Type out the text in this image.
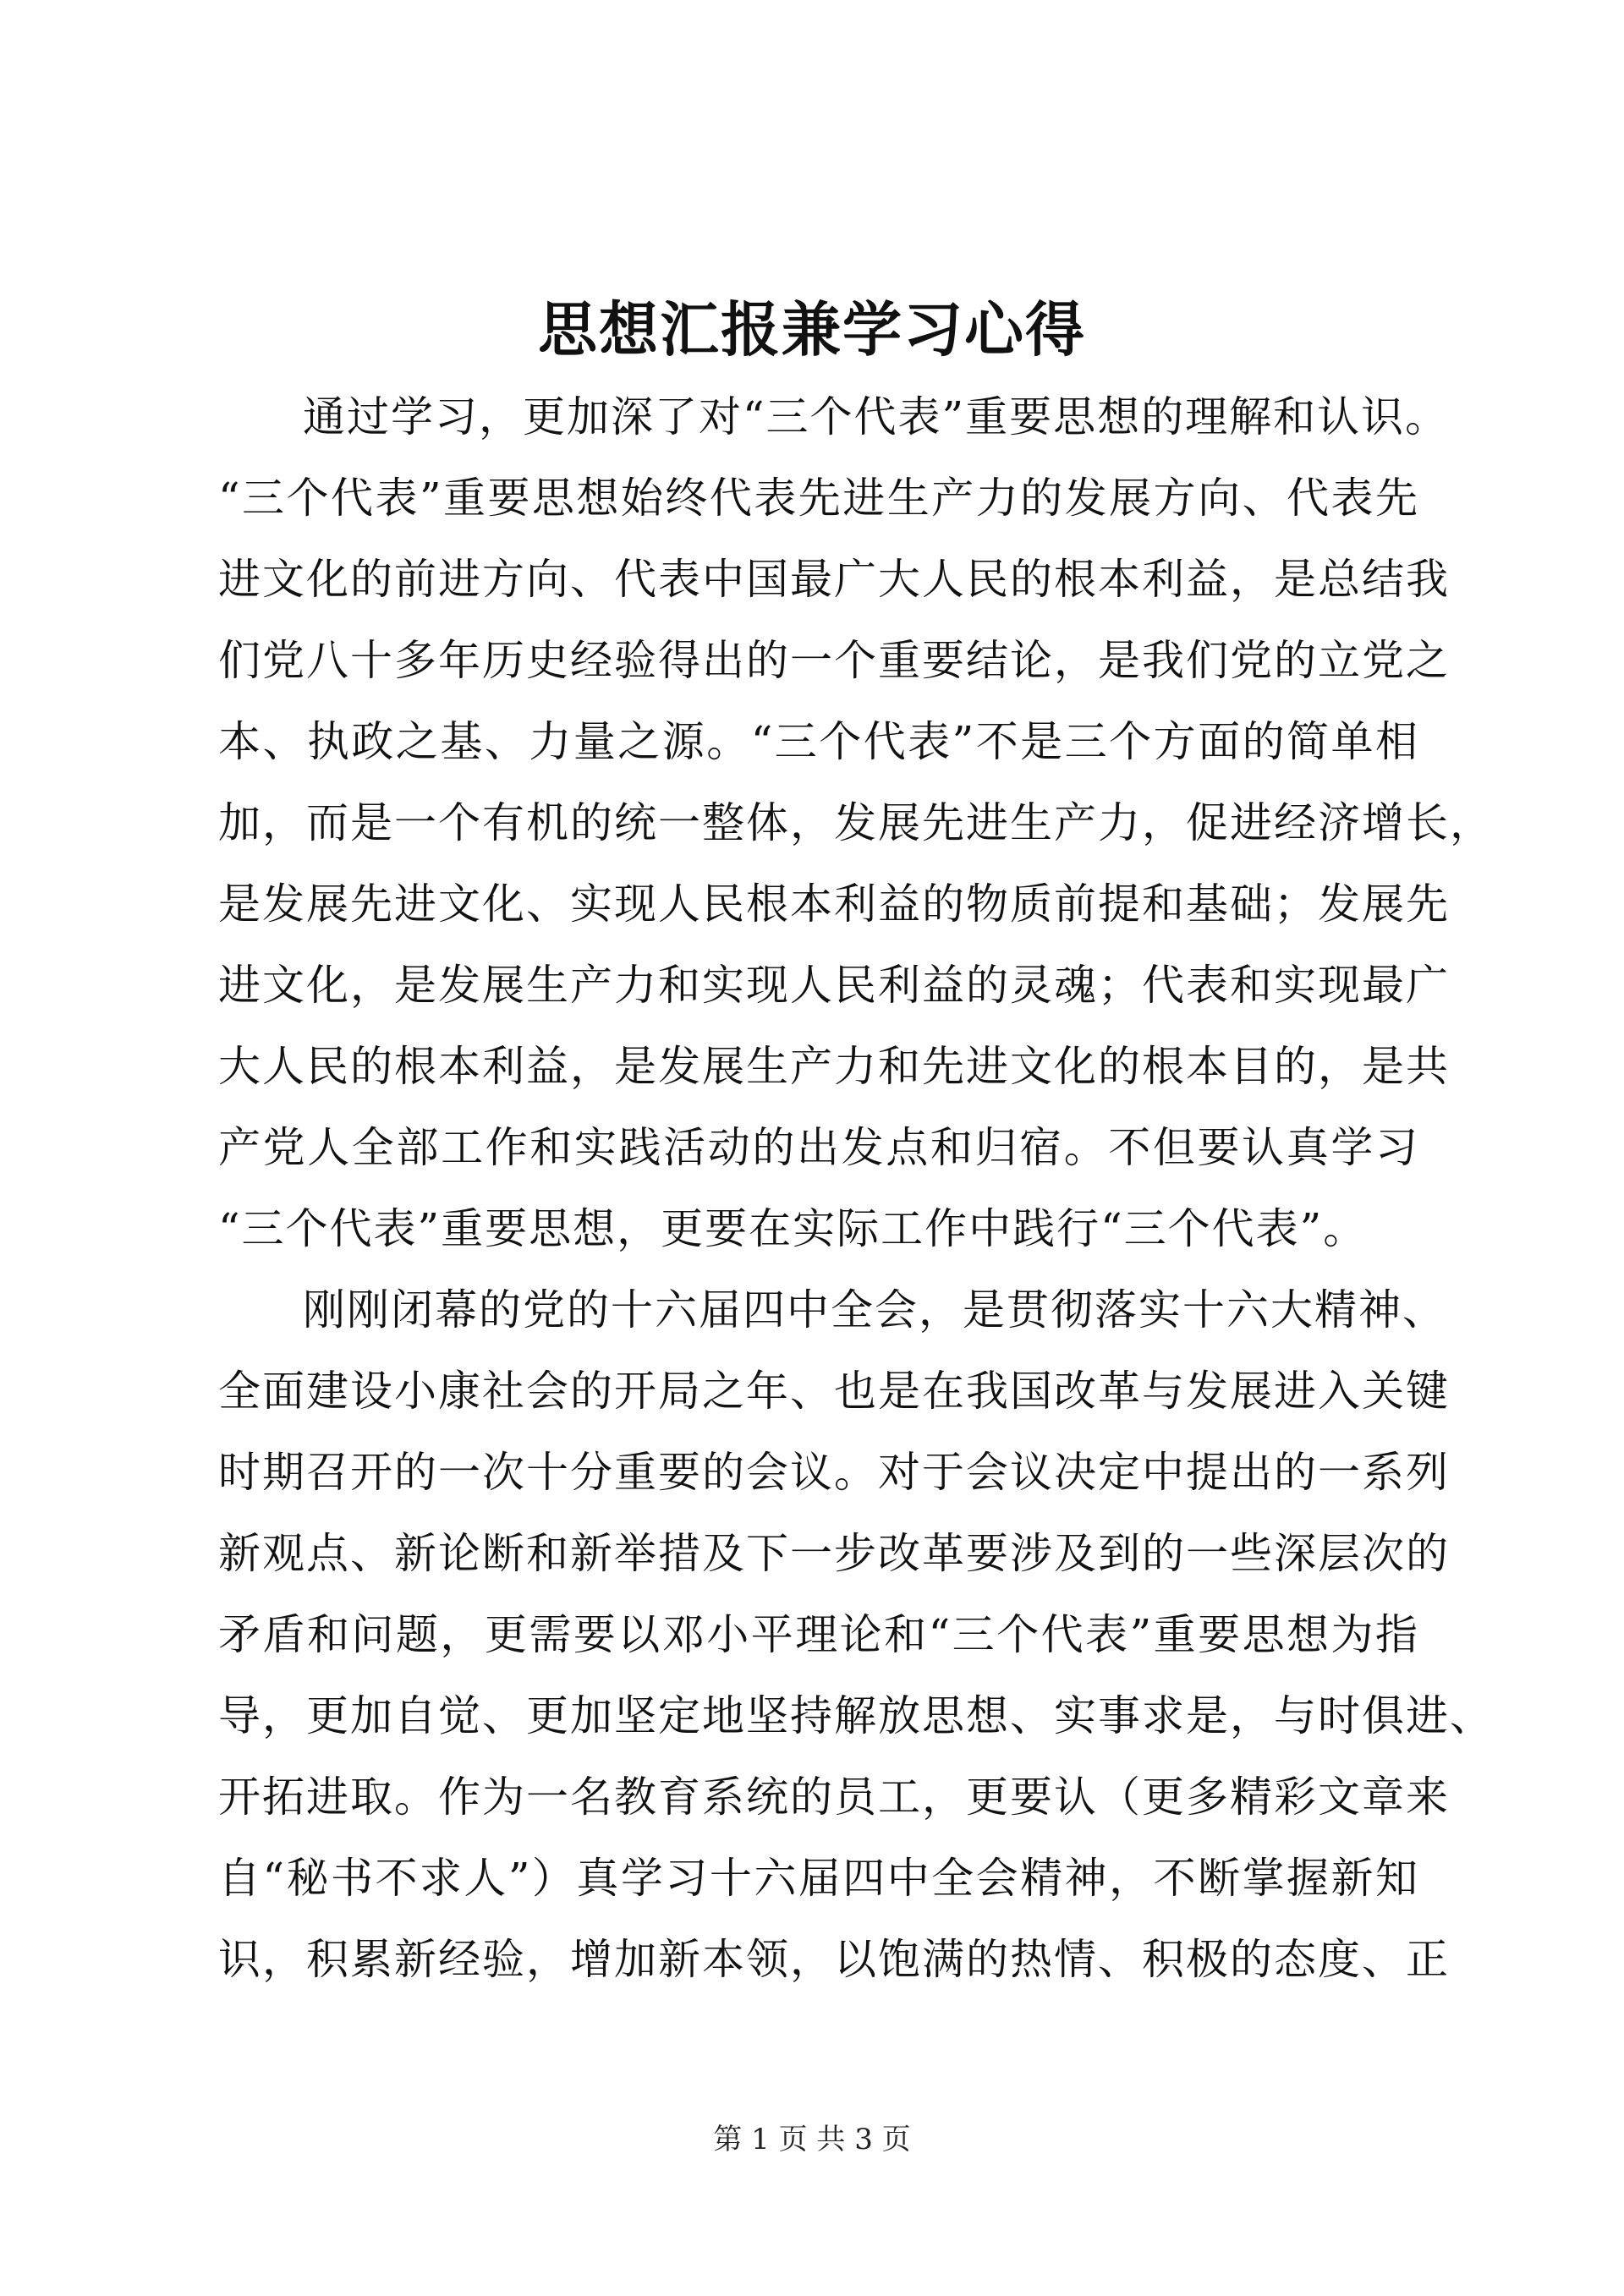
思想汇报兼学习心得
通过学习，更加深了对“三个代表”重要思想的理解和认识。
“三个代表”重要思想始终代表先进生产力的发展方向、代表先
进文化的前进方向、代表中国最广大人民的根本利益，是总结我
们党八十多年历史经验得出的一个重要结论，是我们党的立党之
本、执政之基、力量之源。“三个代表”不是三个方面的简单相
加，而是一个有机的统一整体，发展先进生产力，促进经济增长，
是发展先进文化、实现人民根本利益的物质前提和基础；发展先
进文化，是发展生产力和实现人民利益的灵魂；代表和实现最广
大人民的根本利益，是发展生产力和先进文化的根本目的，是共
产党人全部工作和实践活动的出发点和归宿。不但要认真学习
“三个代表”重要思想，更要在实际工作中践行“三个代表”。
刚刚闭幕的党的十六届四中全会，是贯彻落实十六大精神、
全面建设小康社会的开局之年、也是在我国改革与发展进入关键
时期召开的一次十分重要的会议。对于会议决定中提出的一系列
新观点、新论断和新举措及下一步改革要涉及到的一些深层次的
矛盾和问题，更需要以邓小平理论和“三个代表”重要思想为指
导，更加自觉、更加坚定地坚持解放思想、实事求是，与时俱进、
开拓进取。作为一名教育系统的员工，更要认（更多精彩文章来
自“秘书不求人”）真学习十六届四中全会精神，不断掌握新知
识，积累新经验，增加新本领，以饱满的热情、积极的态度、正
第 1 页 共 3 页
